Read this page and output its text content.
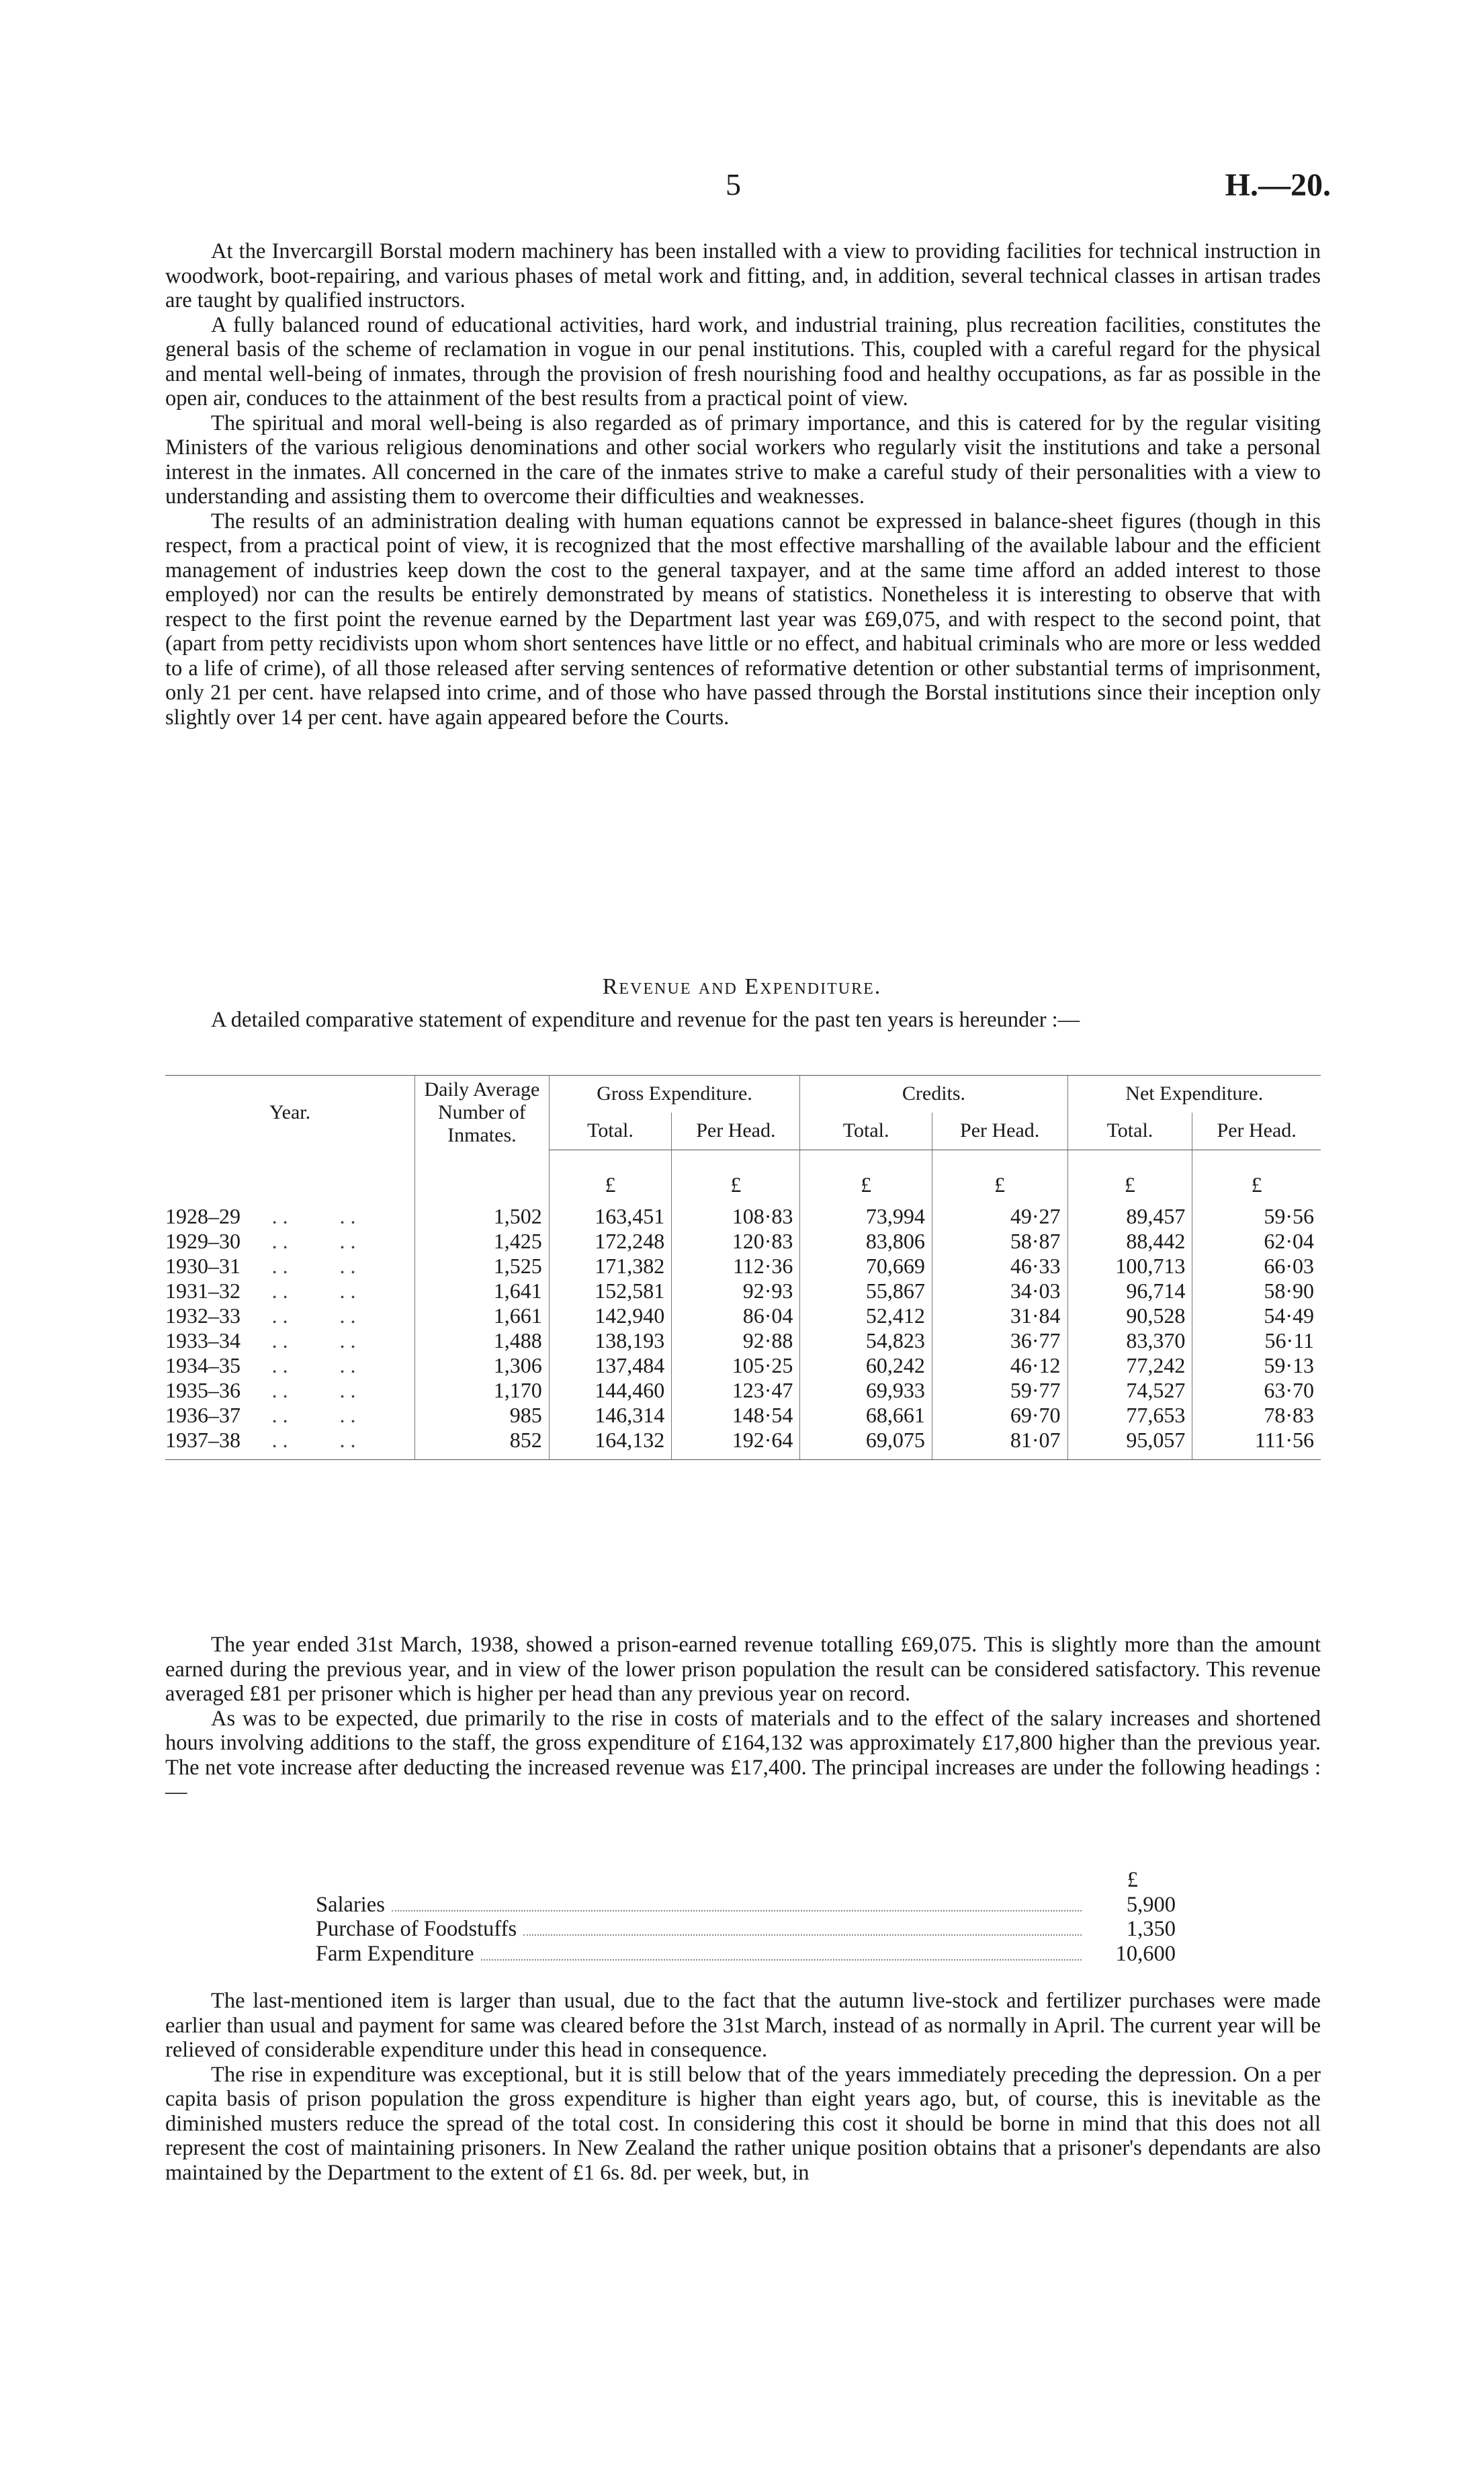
5	H.—20.

At the Invercargill Borstal modern machinery has been installed with a view to providing facilities for technical instruction in woodwork, boot-repairing, and various phases of metal work and fitting, and, in addition, several technical classes in artisan trades are taught by qualified instructors.

A fully balanced round of educational activities, hard work, and industrial training, plus recreation facilities, constitutes the general basis of the scheme of reclamation in vogue in our penal institutions. This, coupled with a careful regard for the physical and mental well-being of inmates, through the provision of fresh nourishing food and healthy occupations, as far as possible in the open air, conduces to the attainment of the best results from a practical point of view.

The spiritual and moral well-being is also regarded as of primary importance, and this is catered for by the regular visiting Ministers of the various religious denominations and other social workers who regularly visit the institutions and take a personal interest in the inmates. All concerned in the care of the inmates strive to make a careful study of their personalities with a view to understanding and assisting them to overcome their difficulties and weaknesses.

The results of an administration dealing with human equations cannot be expressed in balance-sheet figures (though in this respect, from a practical point of view, it is recognized that the most effective marshalling of the available labour and the efficient management of industries keep down the cost to the general taxpayer, and at the same time afford an added interest to those employed) nor can the results be entirely demonstrated by means of statistics. Nonetheless it is interesting to observe that with respect to the first point the revenue earned by the Department last year was £69,075, and with respect to the second point, that (apart from petty recidivists upon whom short sentences have little or no effect, and habitual criminals who are more or less wedded to a life of crime), of all those released after serving sentences of reformative detention or other substantial terms of imprisonment, only 21 per cent. have relapsed into crime, and of those who have passed through the Borstal institutions since their inception only slightly over 14 per cent. have again appeared before the Courts.

Revenue and Expenditure.

A detailed comparative statement of expenditure and revenue for the past ten years is hereunder :—

Year.			Daily Average Number of Inmates.	Gross Expenditure.		Credits.		Net Expenditure.	
				Total.	Per Head.	Total.	Per Head.	Total.	Per Head.
				£	£	£	£	£	£
1928–29	. .	. .	1,502	163,451	108·83	73,994	49·27	89,457	59·56
1929–30	. .	. .	1,425	172,248	120·83	83,806	58·87	88,442	62·04
1930–31	. .	. .	1,525	171,382	112·36	70,669	46·33	100,713	66·03
1931–32	. .	. .	1,641	152,581	92·93	55,867	34·03	96,714	58·90
1932–33	. .	. .	1,661	142,940	86·04	52,412	31·84	90,528	54·49
1933–34	. .	. .	1,488	138,193	92·88	54,823	36·77	83,370	56·11
1934–35	. .	. .	1,306	137,484	105·25	60,242	46·12	77,242	59·13
1935–36	. .	. .	1,170	144,460	123·47	69,933	59·77	74,527	63·70
1936–37	. .	. .	985	146,314	148·54	68,661	69·70	77,653	78·83
1937–38	. .	. .	852	164,132	192·64	69,075	81·07	95,057	111·56

The year ended 31st March, 1938, showed a prison-earned revenue totalling £69,075. This is slightly more than the amount earned during the previous year, and in view of the lower prison population the result can be considered satisfactory. This revenue averaged £81 per prisoner which is higher per head than any previous year on record.

As was to be expected, due primarily to the rise in costs of materials and to the effect of the salary increases and shortened hours involving additions to the staff, the gross expenditure of £164,132 was approximately £17,800 higher than the previous year. The net vote increase after deducting the increased revenue was £17,400. The principal increases are under the following headings :—

£
Salaries	5,900
Purchase of Foodstuffs	1,350
Farm Expenditure	10,600

The last-mentioned item is larger than usual, due to the fact that the autumn live-stock and fertilizer purchases were made earlier than usual and payment for same was cleared before the 31st March, instead of as normally in April. The current year will be relieved of considerable expenditure under this head in consequence.

The rise in expenditure was exceptional, but it is still below that of the years immediately preceding the depression. On a per capita basis of prison population the gross expenditure is higher than eight years ago, but, of course, this is inevitable as the diminished musters reduce the spread of the total cost. In considering this cost it should be borne in mind that this does not all represent the cost of maintaining prisoners. In New Zealand the rather unique position obtains that a prisoner's dependants are also maintained by the Department to the extent of £1 6s. 8d. per week, but, in
